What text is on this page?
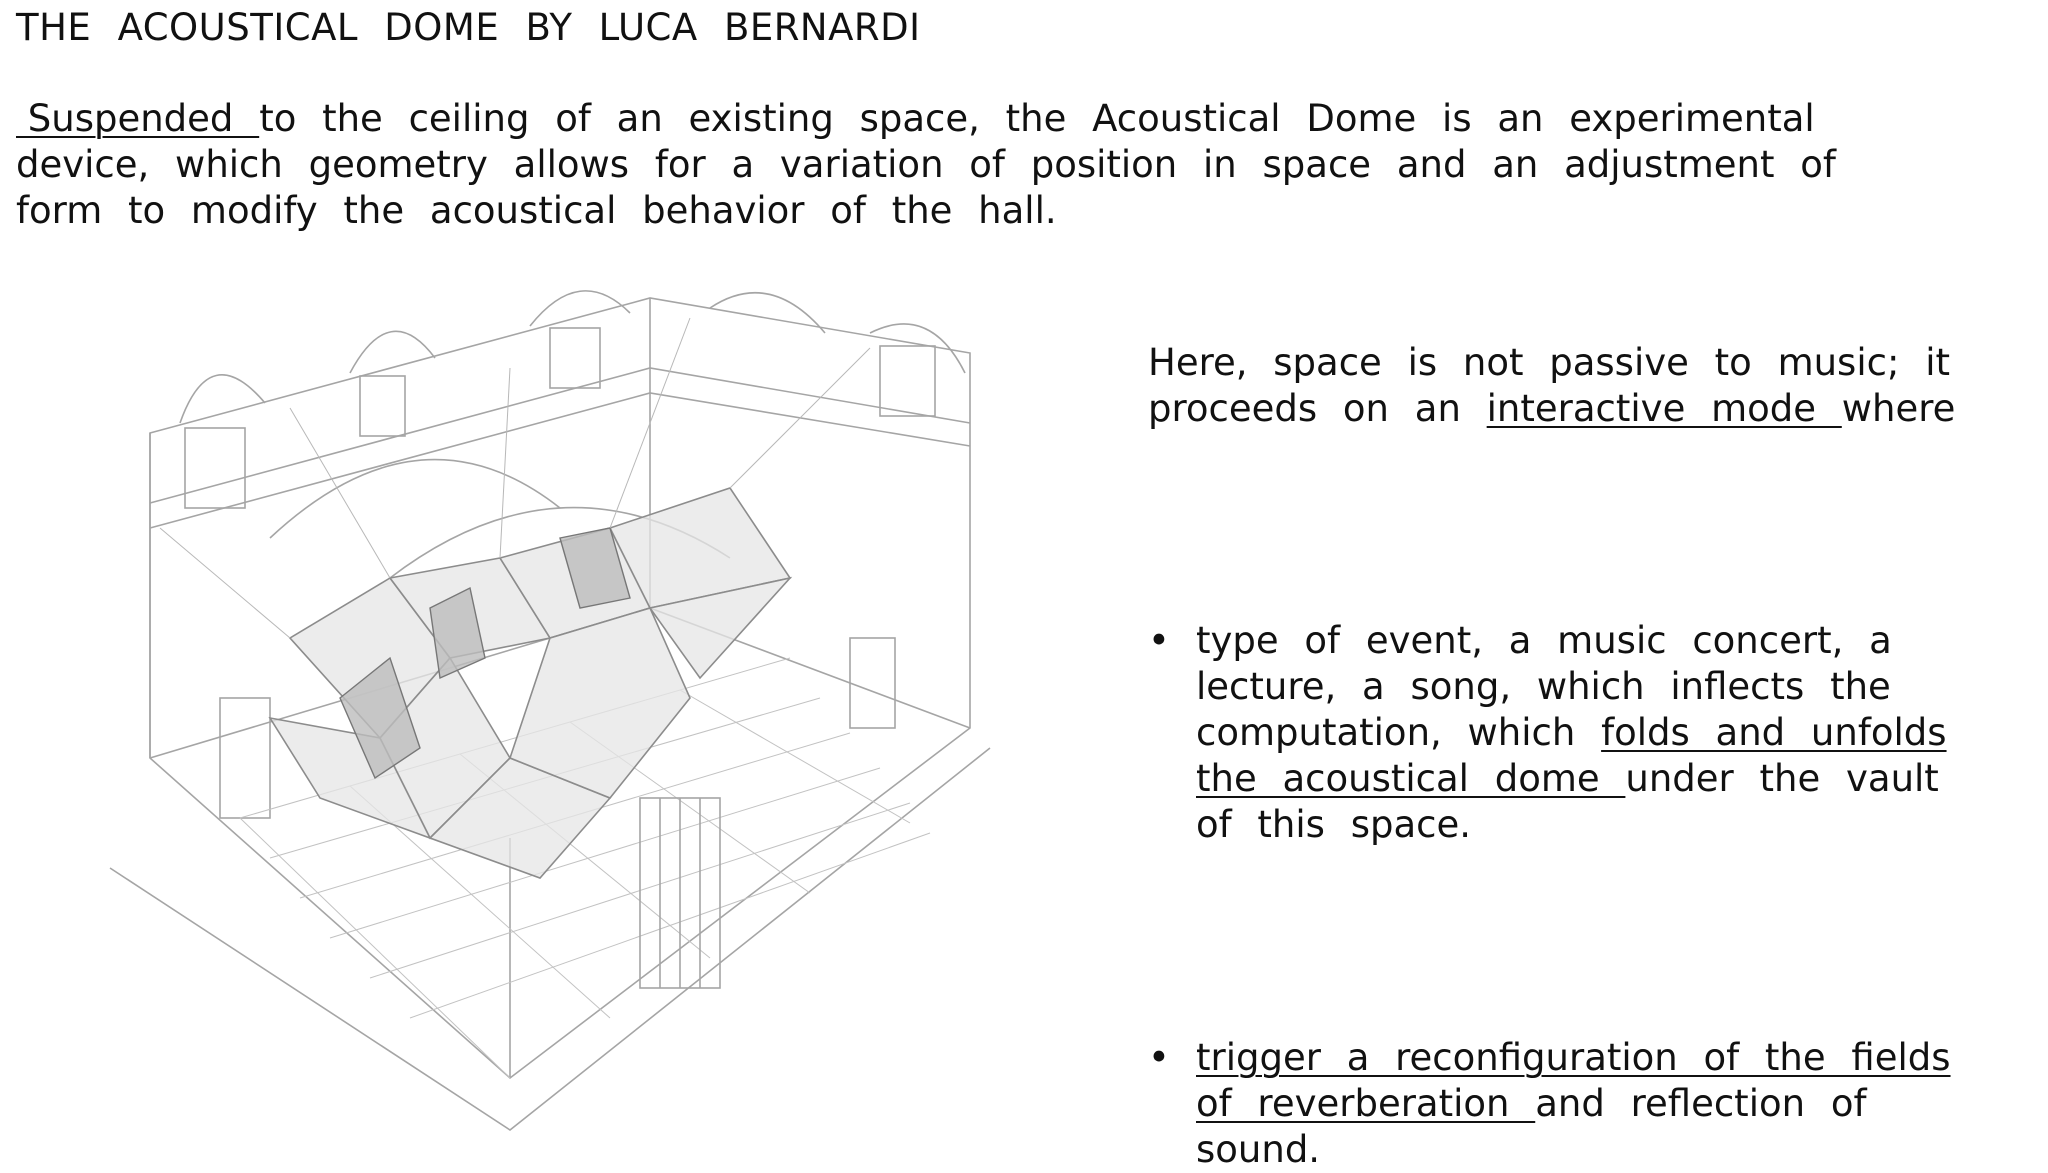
THE ACOUSTICAL DOME BY LUCA BERNARDI
Suspended to the ceiling of an existing space, the Acoustical Dome is an experimental
device, which geometry allows for a variation of position in space and an adjustment of
form to modify the acoustical behavior of the hall.
Here, space is not passive to music; it
proceeds on an interactive mode where
• type of event, a music concert, a
lecture, a song, which inflects the
computation, which folds and unfolds
the acoustical dome under the vault
of this space.
• trigger a reconfiguration of the fields
of reverberation and reflection of
sound.
